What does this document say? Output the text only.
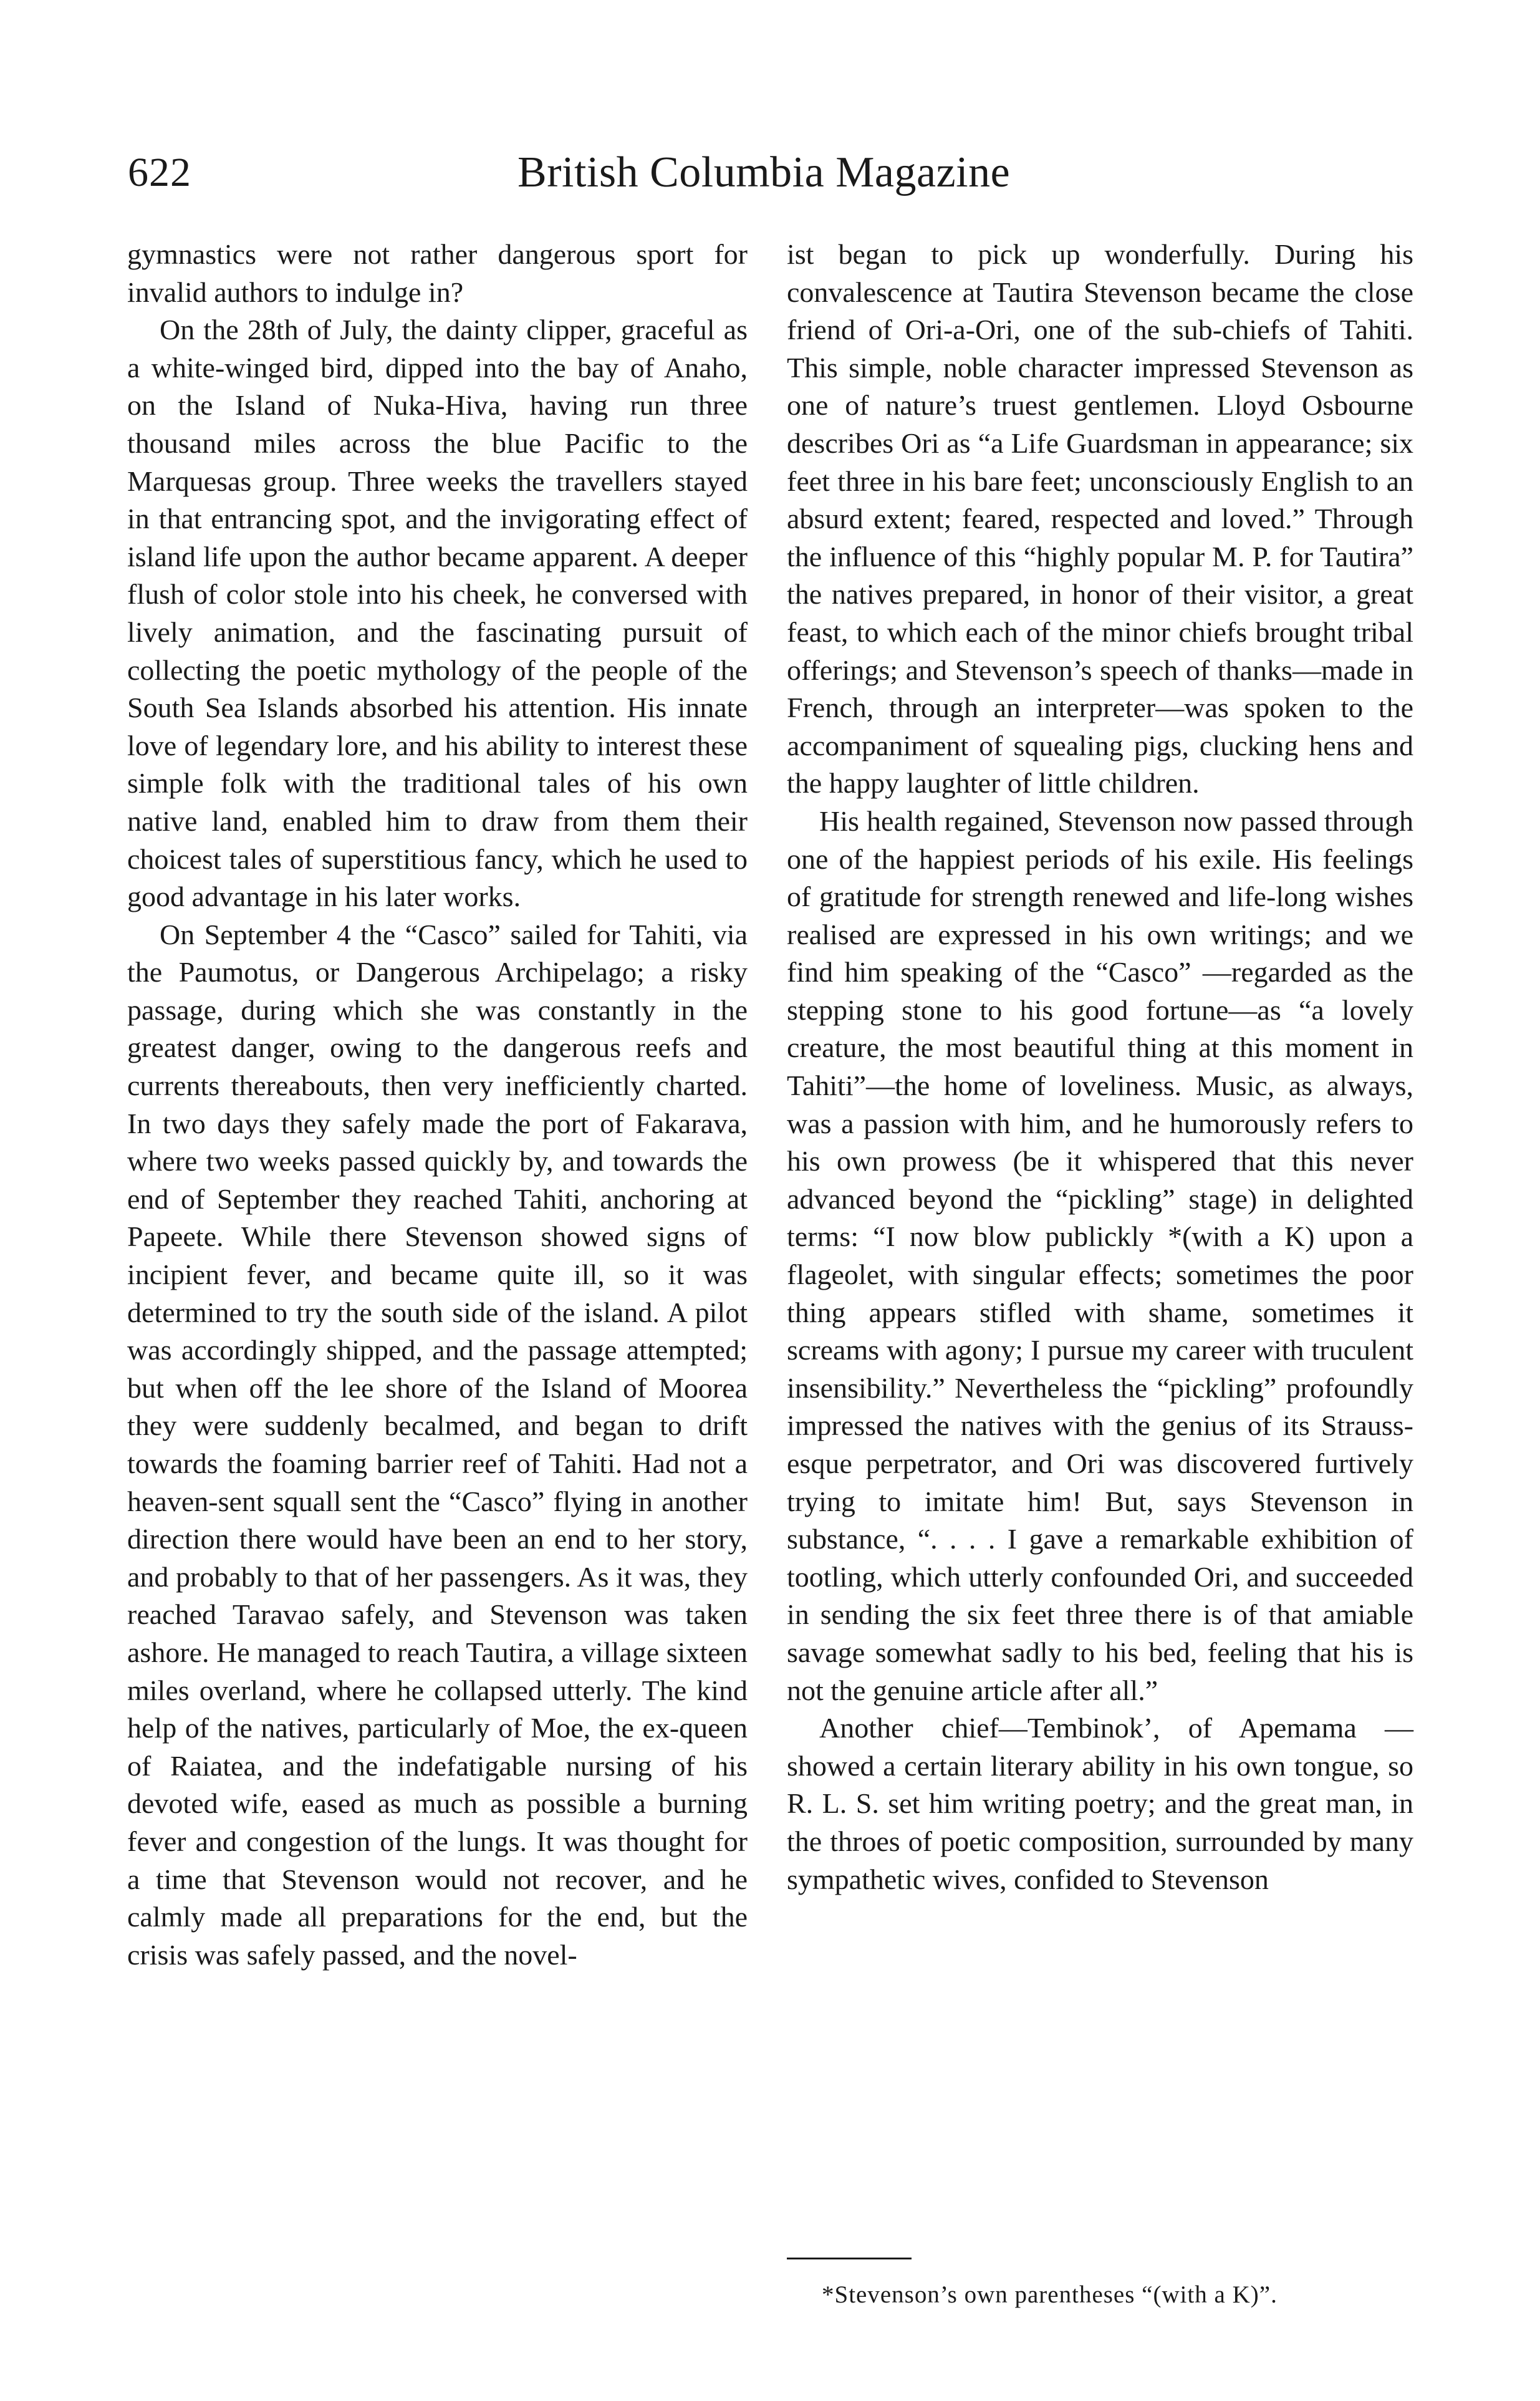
622	British Columbia Magazine

gymnastics were not rather dangerous sport for invalid authors to indulge in?

On the 28th of July, the dainty clipper, graceful as a white-winged bird, dipped into the bay of Anaho, on the Island of Nuka-Hiva, having run three thousand miles across the blue Pacific to the Marquesas group. Three weeks the travellers stayed in that entrancing spot, and the invigorating effect of island life upon the author became apparent. A deeper flush of color stole into his cheek, he conversed with lively animation, and the fascinating pursuit of collecting the poetic mythology of the people of the South Sea Islands absorbed his attention. His innate love of legendary lore, and his ability to interest these simple folk with the traditional tales of his own native land, enabled him to draw from them their choicest tales of superstitious fancy, which he used to good advantage in his later works.

On September 4 the “Casco” sailed for Tahiti, via the Paumotus, or Dangerous Archipelago; a risky passage, during which she was constantly in the greatest danger, owing to the dangerous reefs and currents thereabouts, then very inefficiently charted. In two days they safely made the port of Fakarava, where two weeks passed quickly by, and towards the end of September they reached Tahiti, anchoring at Papeete. While there Stevenson showed signs of incipient fever, and became quite ill, so it was determined to try the south side of the island. A pilot was accordingly shipped, and the passage attempted; but when off the lee shore of the Island of Moorea they were suddenly becalmed, and began to drift towards the foaming barrier reef of Tahiti. Had not a heaven-sent squall sent the “Casco” flying in another direction there would have been an end to her story, and probably to that of her passengers. As it was, they reached Taravao safely, and Stevenson was taken ashore. He managed to reach Tautira, a village sixteen miles overland, where he collapsed utterly. The kind help of the natives, particularly of Moe, the ex-queen of Raiatea, and the indefatigable nursing of his devoted wife, eased as much as possible a burning fever and congestion of the lungs. It was thought for a time that Stevenson would not recover, and he calmly made all preparations for the end, but the crisis was safely passed, and the novel-

ist began to pick up wonderfully. During his convalescence at Tautira Stevenson became the close friend of Ori-a-Ori, one of the sub-chiefs of Tahiti. This simple, noble character impressed Stevenson as one of nature’s truest gentlemen. Lloyd Osbourne describes Ori as “a Life Guardsman in appearance; six feet three in his bare feet; unconsciously English to an absurd extent; feared, respected and loved.” Through the influence of this “highly popular M. P. for Tautira” the natives prepared, in honor of their visitor, a great feast, to which each of the minor chiefs brought tribal offerings; and Stevenson’s speech of thanks—made in French, through an interpreter—was spoken to the accompaniment of squealing pigs, clucking hens and the happy laughter of little children.

His health regained, Stevenson now passed through one of the happiest periods of his exile. His feelings of gratitude for strength renewed and life-long wishes realised are expressed in his own writings; and we find him speaking of the “Casco” —regarded as the stepping stone to his good fortune—as “a lovely creature, the most beautiful thing at this moment in Tahiti”—the home of loveliness. Music, as always, was a passion with him, and he humorously refers to his own prowess (be it whispered that this never advanced beyond the “pickling” stage) in delighted terms: “I now blow publickly *(with a K) upon a flageolet, with singular effects; sometimes the poor thing appears stifled with shame, sometimes it screams with agony; I pursue my career with truculent insensibility.” Nevertheless the “pickling” profoundly impressed the natives with the genius of its Strauss-esque perpetrator, and Ori was discovered furtively trying to imitate him! But, says Stevenson in substance, “. . . . I gave a remarkable exhibition of tootling, which utterly confounded Ori, and succeeded in sending the six feet three there is of that amiable savage somewhat sadly to his bed, feeling that his is not the genuine article after all.”

Another chief—Tembinok’, of Apemama —showed a certain literary ability in his own tongue, so R. L. S. set him writing poetry; and the great man, in the throes of poetic composition, surrounded by many sympathetic wives, confided to Stevenson

*Stevenson’s own parentheses “(with a K)”.
